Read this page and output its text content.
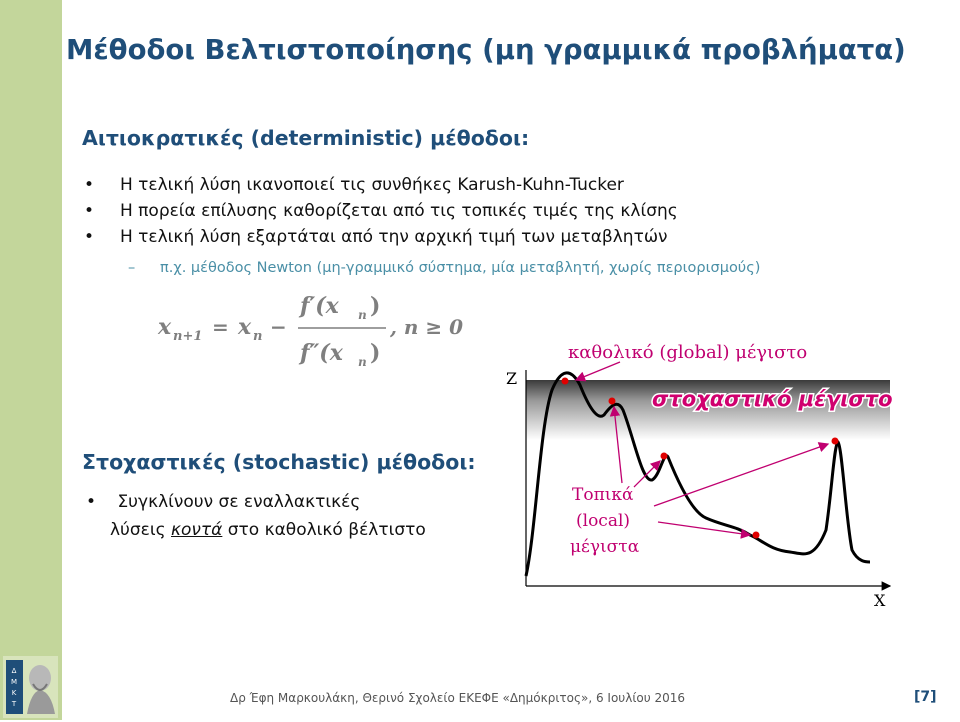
Δ
Μ
Κ
Τ
Μέθοδοι Βελτιστοποίησης (μη γραμμικά προβλήματα)
Αιτιοκρατικές (deterministic) μέθοδοι:
• Η τελική λύση ικανοποιεί τις συνθήκες Karush-Kuhn-Tucker
• Η πορεία επίλυσης καθορίζεται από τις τοπικές τιμές της κλίσης
• Η τελική λύση εξαρτάται από την αρχική τιμή των μεταβλητών
– π.χ. μέθοδος Newton (μη-γραμμικό σύστημα, μία μεταβλητή, χωρίς περιορισμούς)
x n+1 = x n −
f′(x n )
f″(x n )
, n ≥ 0
Στοχαστικές (stochastic) μέθοδοι:
• Συγκλίνουν σε εναλλακτικές
λύσεις κοντά στο καθολικό βέλτιστο
Z
X
καθολικό (global) μέγιστο
στοχαστικό μέγιστο
Τοπικά
(local)
μέγιστα
Δρ Έφη Μαρκουλάκη, Θερινό Σχολείο ΕΚΕΦΕ «Δημόκριτος», 6 Ιουλίου 2016	[7]
